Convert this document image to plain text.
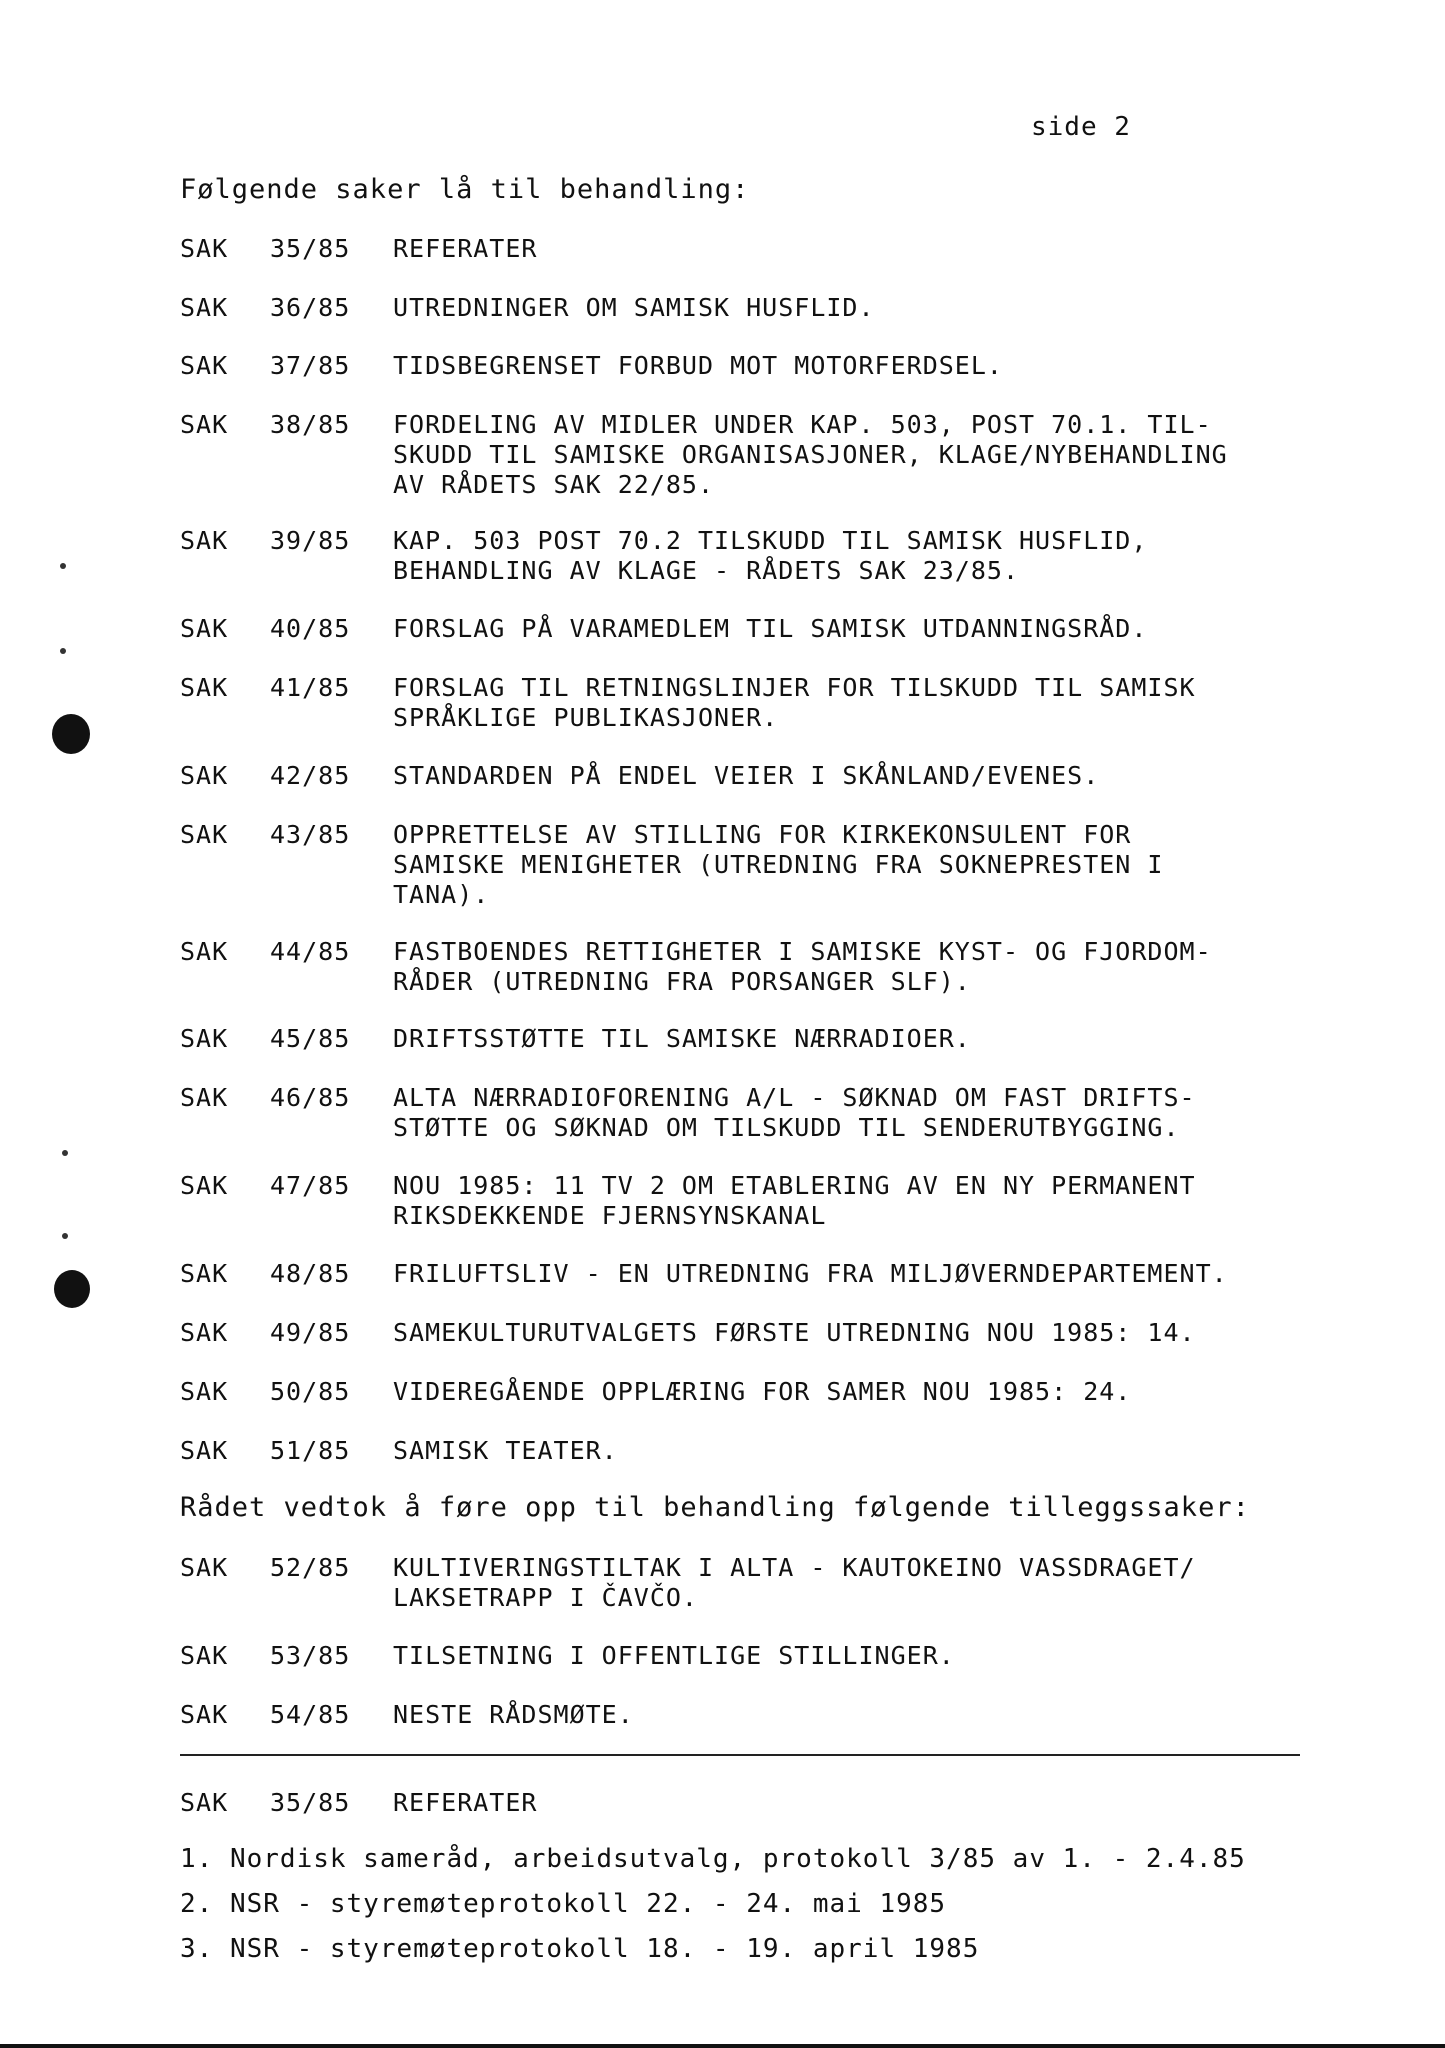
side 2
Følgende saker lå til behandling:
SAK 35/85 REFERATER
SAK 36/85 UTREDNINGER OM SAMISK HUSFLID.
SAK 37/85 TIDSBEGRENSET FORBUD MOT MOTORFERDSEL.
SAK 38/85 FORDELING AV MIDLER UNDER KAP. 503, POST 70.1. TIL-
SKUDD TIL SAMISKE ORGANISASJONER, KLAGE/NYBEHANDLING
AV RÅDETS SAK 22/85.
SAK 39/85 KAP. 503 POST 70.2 TILSKUDD TIL SAMISK HUSFLID,
BEHANDLING AV KLAGE - RÅDETS SAK 23/85.
SAK 40/85 FORSLAG PÅ VARAMEDLEM TIL SAMISK UTDANNINGSRÅD.
SAK 41/85 FORSLAG TIL RETNINGSLINJER FOR TILSKUDD TIL SAMISK
SPRÅKLIGE PUBLIKASJONER.
SAK 42/85 STANDARDEN PÅ ENDEL VEIER I SKÅNLAND/EVENES.
SAK 43/85 OPPRETTELSE AV STILLING FOR KIRKEKONSULENT FOR
SAMISKE MENIGHETER (UTREDNING FRA SOKNEPRESTEN I
TANA).
SAK 44/85 FASTBOENDES RETTIGHETER I SAMISKE KYST- OG FJORDOM-
RÅDER (UTREDNING FRA PORSANGER SLF).
SAK 45/85 DRIFTSSTØTTE TIL SAMISKE NÆRRADIOER.
SAK 46/85 ALTA NÆRRADIOFORENING A/L - SØKNAD OM FAST DRIFTS-
STØTTE OG SØKNAD OM TILSKUDD TIL SENDERUTBYGGING.
SAK 47/85 NOU 1985: 11 TV 2 OM ETABLERING AV EN NY PERMANENT
RIKSDEKKENDE FJERNSYNSKANAL
SAK 48/85 FRILUFTSLIV - EN UTREDNING FRA MILJØVERNDEPARTEMENT.
SAK 49/85 SAMEKULTURUTVALGETS FØRSTE UTREDNING NOU 1985: 14.
SAK 50/85 VIDEREGÅENDE OPPLÆRING FOR SAMER NOU 1985: 24.
SAK 51/85 SAMISK TEATER.
Rådet vedtok å føre opp til behandling følgende tilleggssaker:
SAK 52/85 KULTIVERINGSTILTAK I ALTA - KAUTOKEINO VASSDRAGET/
LAKSETRAPP I ČAVČO.
SAK 53/85 TILSETNING I OFFENTLIGE STILLINGER.
SAK 54/85 NESTE RÅDSMØTE.
SAK 35/85 REFERATER
1. Nordisk sameråd, arbeidsutvalg, protokoll 3/85 av 1. - 2.4.85
2. NSR - styremøteprotokoll 22. - 24. mai 1985
3. NSR - styremøteprotokoll 18. - 19. april 1985
